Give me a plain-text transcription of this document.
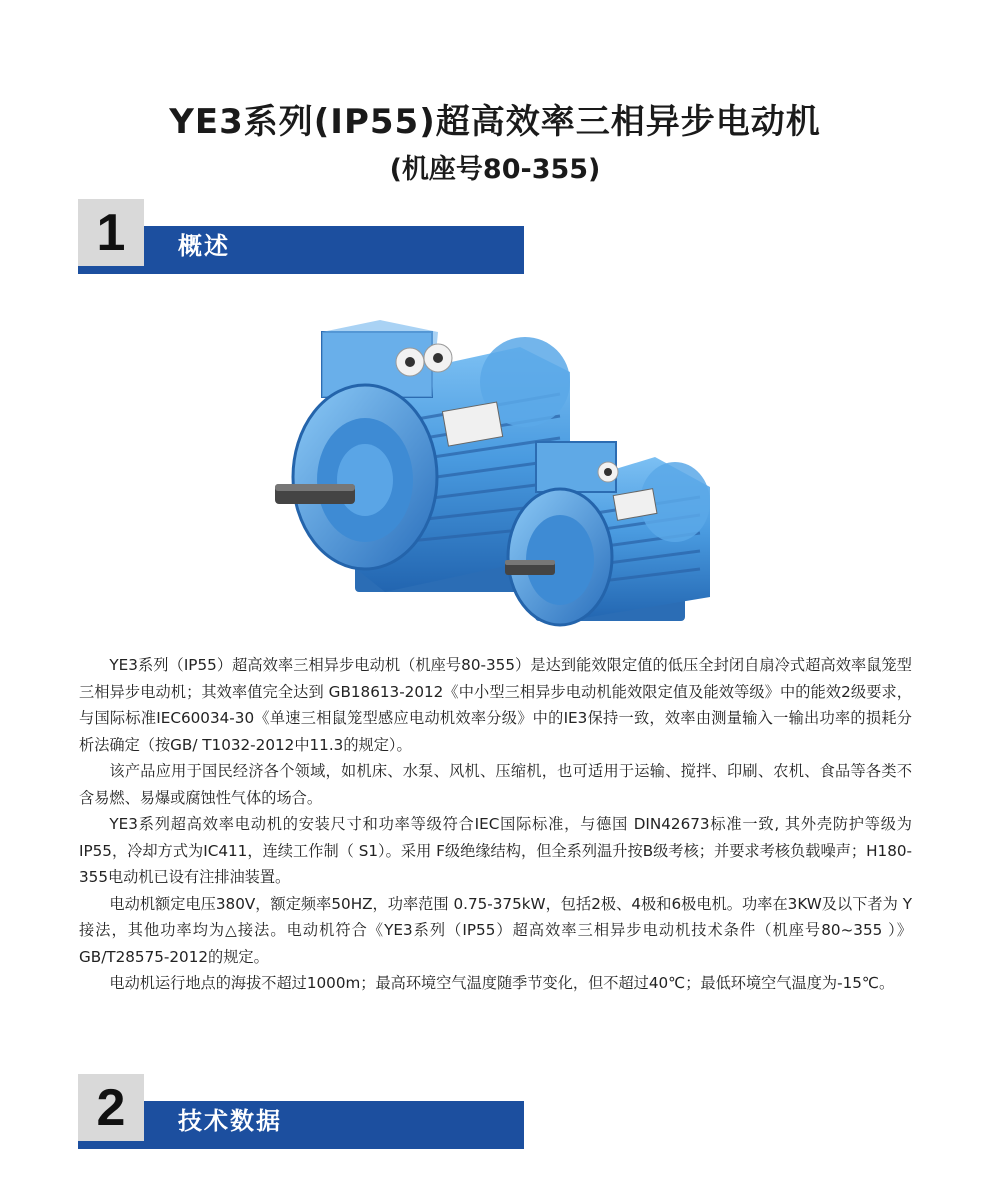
YE3系列(IP55)超高效率三相异步电动机
(机座号80-355)
1	概述

YE3系列（IP55）超高效率三相异步电动机（机座号80-355）是达到能效限定值的低压全封闭自扇冷式超高效率鼠笼型三相异步电动机；其效率值完全达到 GB18613-2012《中小型三相异步电动机能效限定值及能效等级》中的能效2级要求， 与国际标准IEC60034-30《单速三相鼠笼型感应电动机效率分级》中的IE3保持一致，效率由测量输入一输出功率的损耗分析法确定（按GB/ T1032-2012中11.3的规定）。

该产品应用于国民经济各个领域，如机床、水泵、风机、压缩机，也可适用于运输、搅拌、印刷、农机、食品等各类不含易燃、易爆或腐蚀性气体的场合。

YE3系列超高效率电动机的安装尺寸和功率等级符合IEC国际标准，与德国 DIN42673标准一致, 其外壳防护等级为IP55，冷却方式为IC411，连续工作制（ S1）。采用 F级绝缘结构，但全系列温升按B级考核；并要求考核负载噪声；H180-355电动机已设有注排油装置。

电动机额定电压380V，额定频率50HZ，功率范围 0.75-375kW，包括2极、4极和6极电机。功率在3KW及以下者为 Y接法，其他功率均为△接法。电动机符合《YE3系列（IP55）超高效率三相异步电动机技术条件（机座号80~355 ）》GB/T28575-2012的规定。

电动机运行地点的海拔不超过1000m；最高环境空气温度随季节变化，但不超过40℃；最低环境空气温度为-15℃。

2	技术数据
